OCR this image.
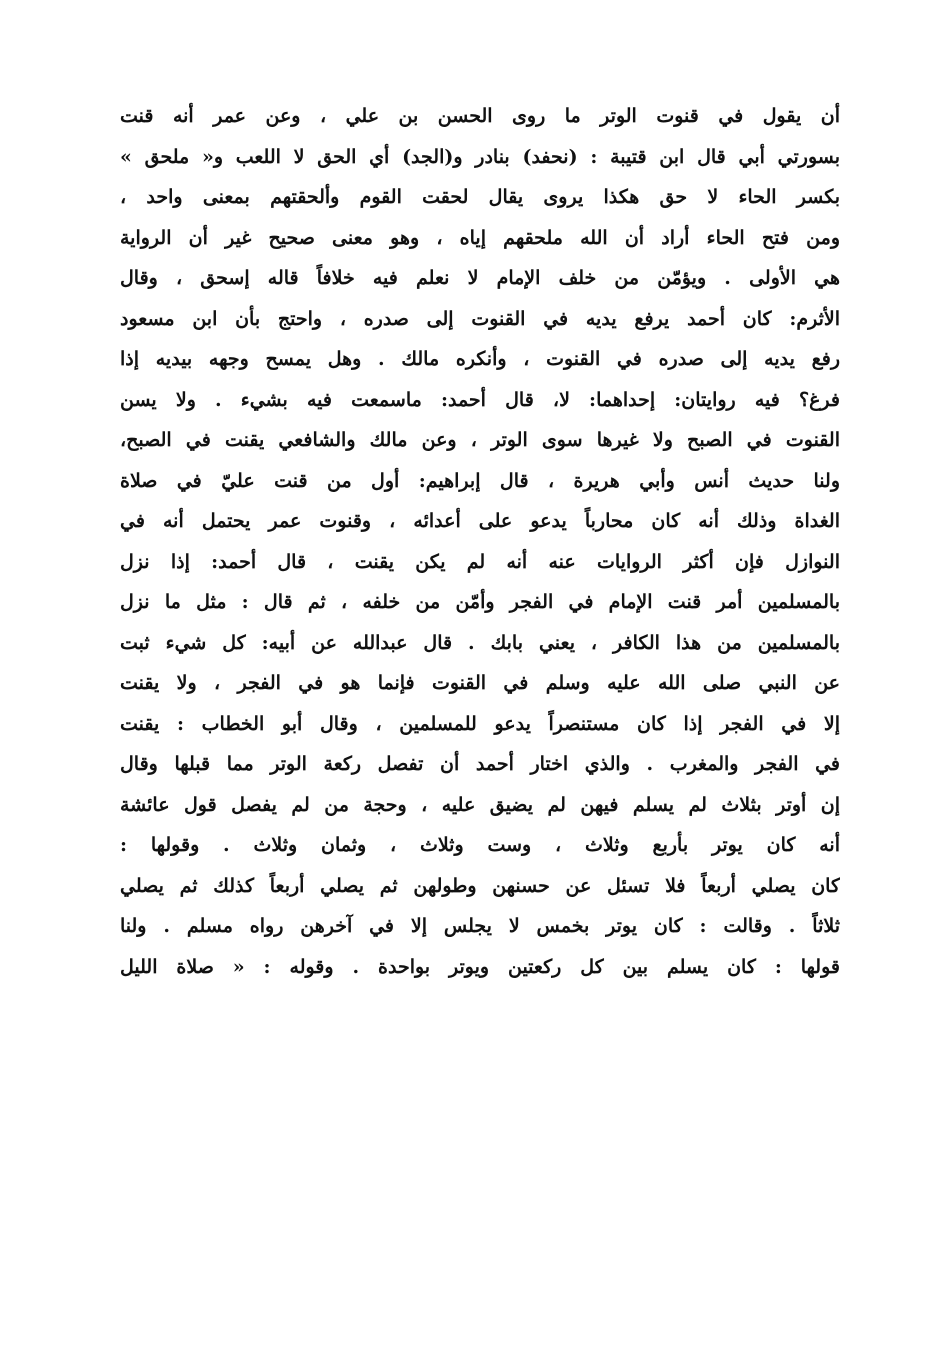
أن يقول في قنوت الوتر ما روى الحسن بن علي ، وعن عمر أنه قنت
بسورتي أبي قال ابن قتيبة : (نحفد) بنادر و(الجد) أي الحق لا اللعب و« ملحق »
بكسر الحاء لا حق هكذا يروى يقال لحقت القوم وألحقتهم بمعنى واحد ،
ومن فتح الحاء أراد أن الله ملحقهم إياه ، وهو معنى صحيح غير أن الرواية
هي الأولى . ويؤمّن من خلف الإمام لا نعلم فيه خلافاً قاله إسحق ، وقال
الأثرم: كان أحمد يرفع يديه في القنوت إلى صدره ، واحتج بأن ابن مسعود
رفع يديه إلى صدره في القنوت ، وأنكره مالك . وهل يمسح وجهه بيديه إذا
فرغ؟ فيه روايتان: إحداهما: لا، قال أحمد: ماسمعت فيه بشيء . ولا يسن
القنوت في الصبح ولا غيرها سوى الوتر ، وعن مالك والشافعي يقنت في الصبح،
ولنا حديث أنس وأبي هريرة ، قال إبراهيم: أول من قنت عليّ في صلاة
الغداة وذلك أنه كان محارباً يدعو على أعدائه ، وقنوت عمر يحتمل أنه في
النوازل فإن أكثر الروايات عنه أنه لم يكن يقنت ، قال أحمد: إذا نزل
بالمسلمين أمر قنت الإمام في الفجر وأمّن من خلفه ، ثم قال : مثل ما نزل
بالمسلمين من هذا الكافر ، يعني بابك . قال عبدالله عن أبيه: كل شيء ثبت
عن النبي صلى الله عليه وسلم في القنوت فإنما هو في الفجر ، ولا يقنت
إلا في الفجر إذا كان مستنصراً يدعو للمسلمين ، وقال أبو الخطاب : يقنت
في الفجر والمغرب . والذي اختار أحمد أن تفصل ركعة الوتر مما قبلها وقال
إن أوتر بثلاث لم يسلم فيهن لم يضيق عليه ، وحجة من لم يفصل قول عائشة
أنه كان يوتر بأربع وثلاث ، وست وثلاث ، وثمان وثلاث . وقولها :
كان يصلي أربعاً فلا تسئل عن حسنهن وطولهن ثم يصلي أربعاً كذلك ثم يصلي
ثلاثاً . وقالت : كان يوتر بخمس لا يجلس إلا في آخرهن رواه مسلم . ولنا
قولها : كان يسلم بين كل ركعتين ويوتر بواحدة . وقوله : « صلاة الليل
